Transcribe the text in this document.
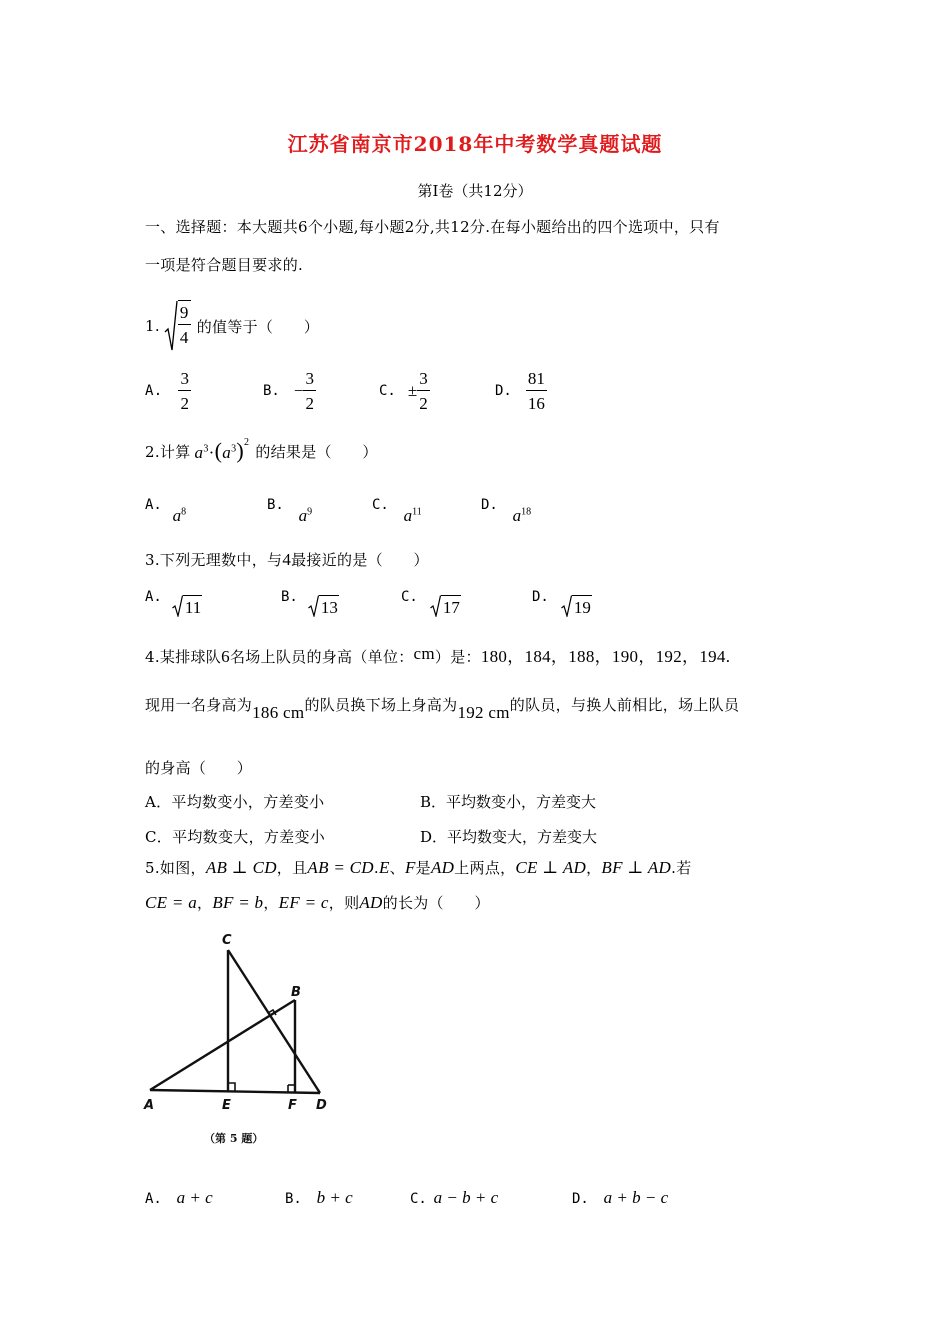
江苏省南京市2018年中考数学真题试题
第Ⅰ卷（共12分）
一、选择题：本大题共6个小题,每小题2分,共12分.在每小题给出的四个选项中，只有
一项是符合题目要求的.
1. $\frac{9}{4}$ 的值等于（　　）
A. $\frac{3}{2}$	B. − $\frac{3}{2}$	C. ± $\frac{3}{2}$	D. $\frac{81}{16}$
2.计算 $a^3\cdot(a^3)^2$ 的结果是（　　）
A. $a^8$	B. $a^9$	C. $a^{11}$	D. $a^{18}$
3.下列无理数中，与4最接近的是（　　）
A.
11
B.
13
C.
17
D.
19
4.某排球队6名场上队员的身高（单位：cm）是：180，184，188，190，192，194.
现用一名身高为186 cm的队员换下场上身高为192 cm的队员，与换人前相比，场上队员
的身高（　　）
A．平均数变小，方差变小	B．平均数变小，方差变大
C．平均数变大，方差变小	D．平均数变大，方差变大
5.如图，AB ⊥ CD，且AB = CD.E、F是AD上两点，CE ⊥ AD，BF ⊥ AD.若
CE = a，BF = b，EF = c，则AD的长为（　　）
C
B
A	E	F D
（第 5 题）
A. a + c	B. b + c	C. a − b + c	D. a + b − c
